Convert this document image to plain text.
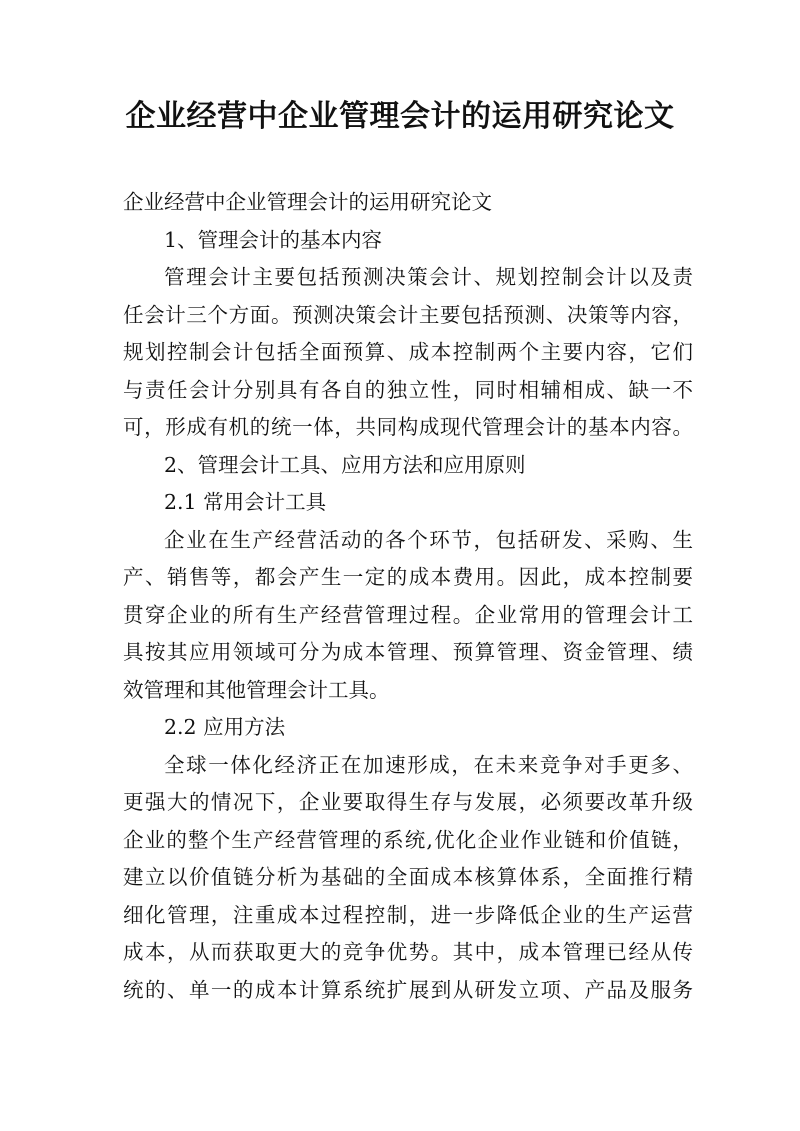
企业经营中企业管理会计的运用研究论文
企业经营中企业管理会计的运用研究论文
1、管理会计的基本内容
管理会计主要包括预测决策会计、规划控制会计以及责
任会计三个方面。预测决策会计主要包括预测、决策等内容，
规划控制会计包括全面预算、成本控制两个主要内容，它们
与责任会计分别具有各自的独立性，同时相辅相成、缺一不
可，形成有机的统一体，共同构成现代管理会计的基本内容。
2、管理会计工具、应用方法和应用原则
2.1 常用会计工具
企业在生产经营活动的各个环节，包括研发、采购、生
产、销售等，都会产生一定的成本费用。因此，成本控制要
贯穿企业的所有生产经营管理过程。企业常用的管理会计工
具按其应用领域可分为成本管理、预算管理、资金管理、绩
效管理和其他管理会计工具。
2.2 应用方法
全球一体化经济正在加速形成，在未来竞争对手更多、
更强大的情况下，企业要取得生存与发展，必须要改革升级
企业的整个生产经营管理的系统,优化企业作业链和价值链，
建立以价值链分析为基础的全面成本核算体系，全面推行精
细化管理，注重成本过程控制，进一步降低企业的生产运营
成本，从而获取更大的竞争优势。其中，成本管理已经从传
统的、单一的成本计算系统扩展到从研发立项、产品及服务
